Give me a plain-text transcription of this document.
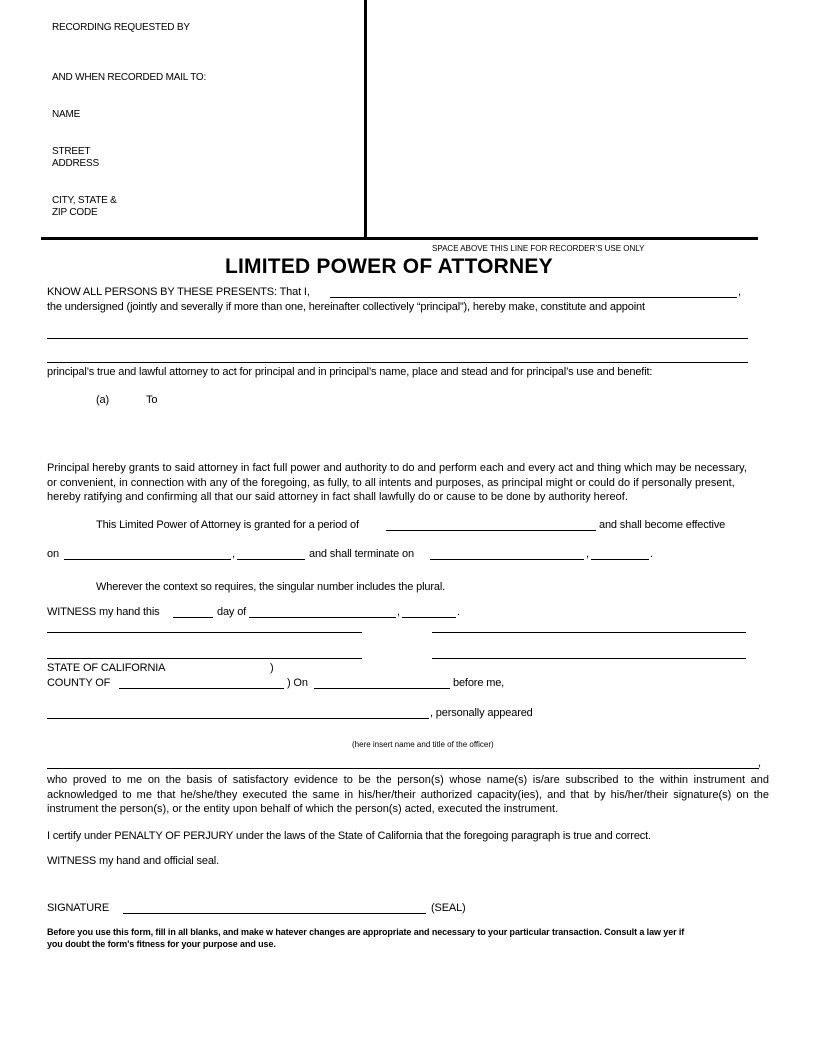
RECORDING REQUESTED BY
AND WHEN RECORDED MAIL TO:
NAME
STREET
ADDRESS
CITY, STATE &
ZIP CODE
SPACE ABOVE THIS LINE FOR RECORDER’S USE ONLY
LIMITED POWER OF ATTORNEY
KNOW ALL PERSONS BY THESE PRESENTS: That I,	,
the undersigned (jointly and severally if more than one, hereinafter collectively “principal”), hereby make, constitute and appoint
principal’s true and lawful attorney to act for principal and in principal’s name, place and stead and for principal’s use and benefit:
(a)	To
Principal hereby grants to said attorney in fact full power and authority to do and perform each and every act and thing which may be necessary, or convenient, in connection with any of the foregoing, as fully, to all intents and purposes, as principal might or could do if personally present, hereby ratifying and confirming all that our said attorney in fact shall lawfully do or cause to be done by authority hereof.
This Limited Power of Attorney is granted for a period of	and shall become effective
on	,	and shall terminate on	,	.
Wherever the context so requires, the singular number includes the plural.
WITNESS my hand this	day of	,	.
STATE OF CALIFORNIA	)
COUNTY OF	) On	before me,
, personally appeared
(here insert name and title of the officer)
,
who proved to me on the basis of satisfactory evidence to be the person(s) whose name(s) is/are subscribed to the within instrument and acknowledged to me that he/she/they executed the same in his/her/their authorized capacity(ies), and that by his/her/their signature(s) on the instrument the person(s), or the entity upon behalf of which the person(s) acted, executed the instrument.
I certify under PENALTY OF PERJURY under the laws of the State of California that the foregoing paragraph is true and correct.
WITNESS my hand and official seal.
SIGNATURE	(SEAL)
Before you use this form, fill in all blanks, and make w hatever changes are appropriate and necessary to your particular transaction. Consult a law yer if
you doubt the form's fitness for your purpose and use.
